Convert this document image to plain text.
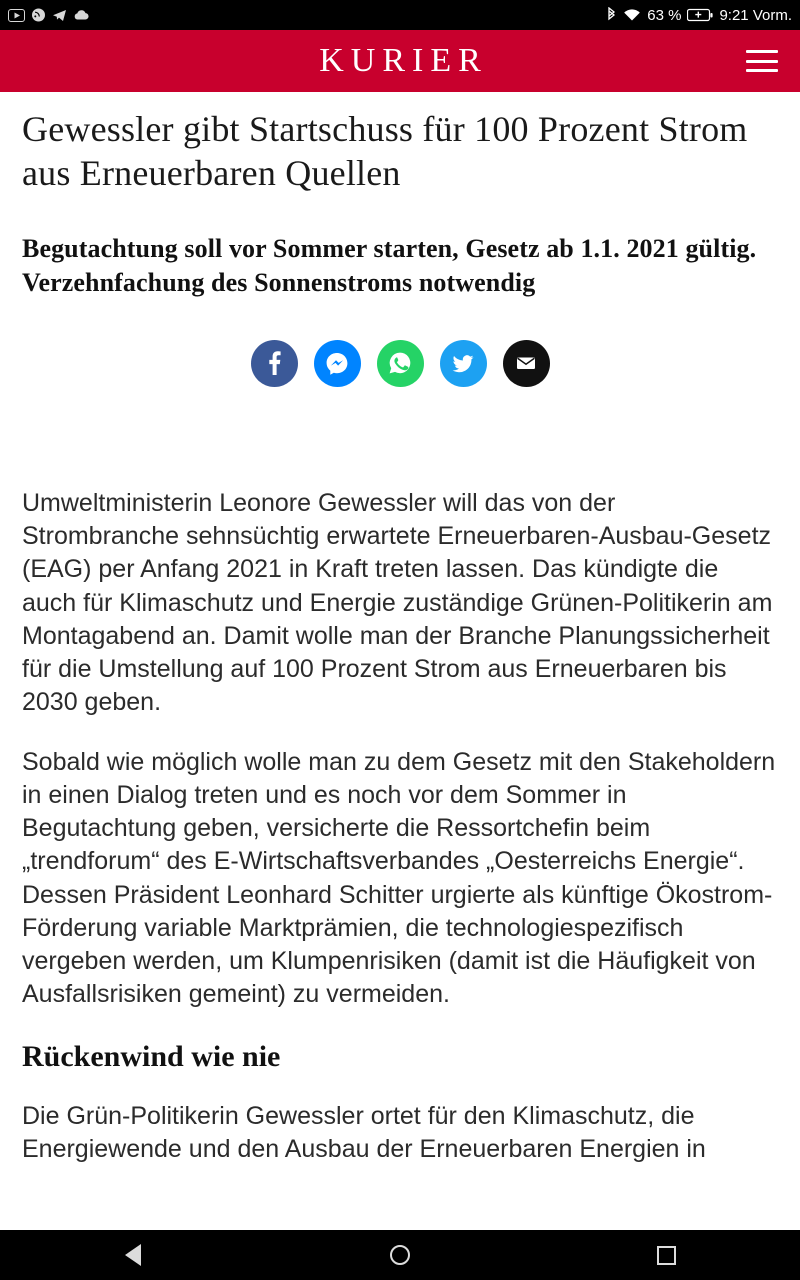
63 %	9:21 Vorm.
KURIER
Gewessler gibt Startschuss für 100 Prozent Strom aus Erneuerbaren Quellen
Begutachtung soll vor Sommer starten, Gesetz ab 1.1. 2021 gültig. Verzehnfachung des Sonnenstroms notwendig

Umweltministerin Leonore Gewessler will das von der Strombranche sehnsüchtig erwartete Erneuerbaren-Ausbau-Gesetz (EAG) per Anfang 2021 in Kraft treten lassen. Das kündigte die auch für Klimaschutz und Energie zuständige Grünen-Politikerin am Montagabend an. Damit wolle man der Branche Planungssicherheit für die Umstellung auf 100 Prozent Strom aus Erneuerbaren bis 2030 geben.

Sobald wie möglich wolle man zu dem Gesetz mit den Stakeholdern in einen Dialog treten und es noch vor dem Sommer in Begutachtung geben, versicherte die Ressortchefin beim „trendforum“ des E-Wirtschaftsverbandes „Oesterreichs Energie“. Dessen Präsident Leonhard Schitter urgierte als künftige Ökostrom-Förderung variable Marktprämien, die technologiespezifisch vergeben werden, um Klumpenrisiken (damit ist die Häufigkeit von Ausfallsrisiken gemeint) zu vermeiden.

Rückenwind wie nie

Die Grün-Politikerin Gewessler ortet für den Klimaschutz, die Energiewende und den Ausbau der Erneuerbaren Energien in
